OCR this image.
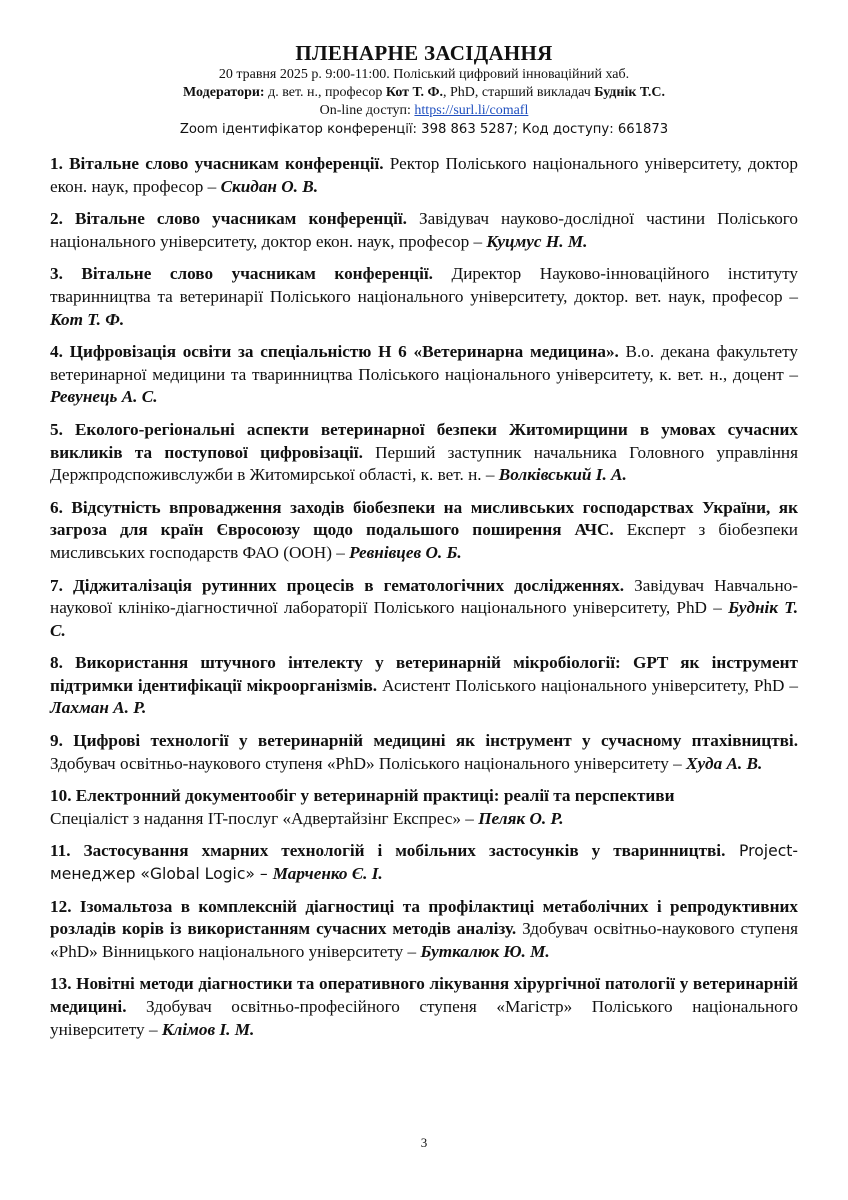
ПЛЕНАРНЕ ЗАСІДАННЯ
20 травня 2025 р. 9:00-11:00. Поліський цифровий інноваційний хаб.
Модератори: д. вет. н., професор Кот Т. Ф., PhD, старший викладач Буднік Т.С.
On-line доступ: https://surl.li/comafl
Zoom ідентифікатор конференції: 398 863 5287; Код доступу: 661873

1. Вітальне слово учасникам конференції. Ректор Поліського національного університету, доктор екон. наук, професор – Скидан О. В.

2. Вітальне слово учасникам конференції. Завідувач науково-дослідної частини Поліського національного університету, доктор екон. наук, професор – Куцмус Н. М.

3. Вітальне слово учасникам конференції. Директор Науково-інноваційного інституту тваринництва та ветеринарії Поліського національного університету, доктор. вет. наук, професор – Кот Т. Ф.

4. Цифровізація освіти за спеціальністю Н 6 «Ветеринарна медицина». В.о. декана факультету ветеринарної медицини та тваринництва Поліського національного університету, к. вет. н., доцент – Ревунець А. С.

5. Еколого-регіональні аспекти ветеринарної безпеки Житомирщини в умовах сучасних викликів та поступової цифровізації. Перший заступник начальника Головного управління Держпродспоживслужби в Житомирської області, к. вет. н. – Волківський І. А.

6. Відсутність впровадження заходів біобезпеки на мисливських господарствах України, як загроза для країн Євросоюзу щодо подальшого поширення АЧС. Експерт з біобезпеки мисливських господарств ФАО (ООН) – Ревнівцев О. Б.

7. Діджиталізація рутинних процесів в гематологічних дослідженнях. Завідувач Навчально-наукової клініко-діагностичної лабораторії Поліського національного університету, PhD – Буднік Т. С.

8. Використання штучного інтелекту у ветеринарній мікробіології: GPT як інструмент підтримки ідентифікації мікроорганізмів. Асистент Поліського національного університету, PhD – Лахман А. Р.

9. Цифрові технології у ветеринарній медицині як інструмент у сучасному птахівництві. Здобувач освітньо-наукового ступеня «PhD» Поліського національного університету – Худа А. В.

10. Електронний документообіг у ветеринарній практиці: реалії та перспективи
Спеціаліст з надання IT-послуг «Адвертайзінг Експрес» – Пеляк О. Р.

11. Застосування хмарних технологій і мобільних застосунків у тваринництві. Project-менеджер «Global Logic» – Марченко Є. І.

12. Ізомальтоза в комплексній діагностиці та профілактиці метаболічних і репродуктивних розладів корів із використанням сучасних методів аналізу. Здобувач освітньо-наукового ступеня «PhD» Вінницького національного університету – Буткалюк Ю. М.

13. Новітні методи діагностики та оперативного лікування хірургічної патології у ветеринарній медицині. Здобувач освітньо-професійного ступеня «Магістр» Поліського національного університету – Клімов І. М.

3
